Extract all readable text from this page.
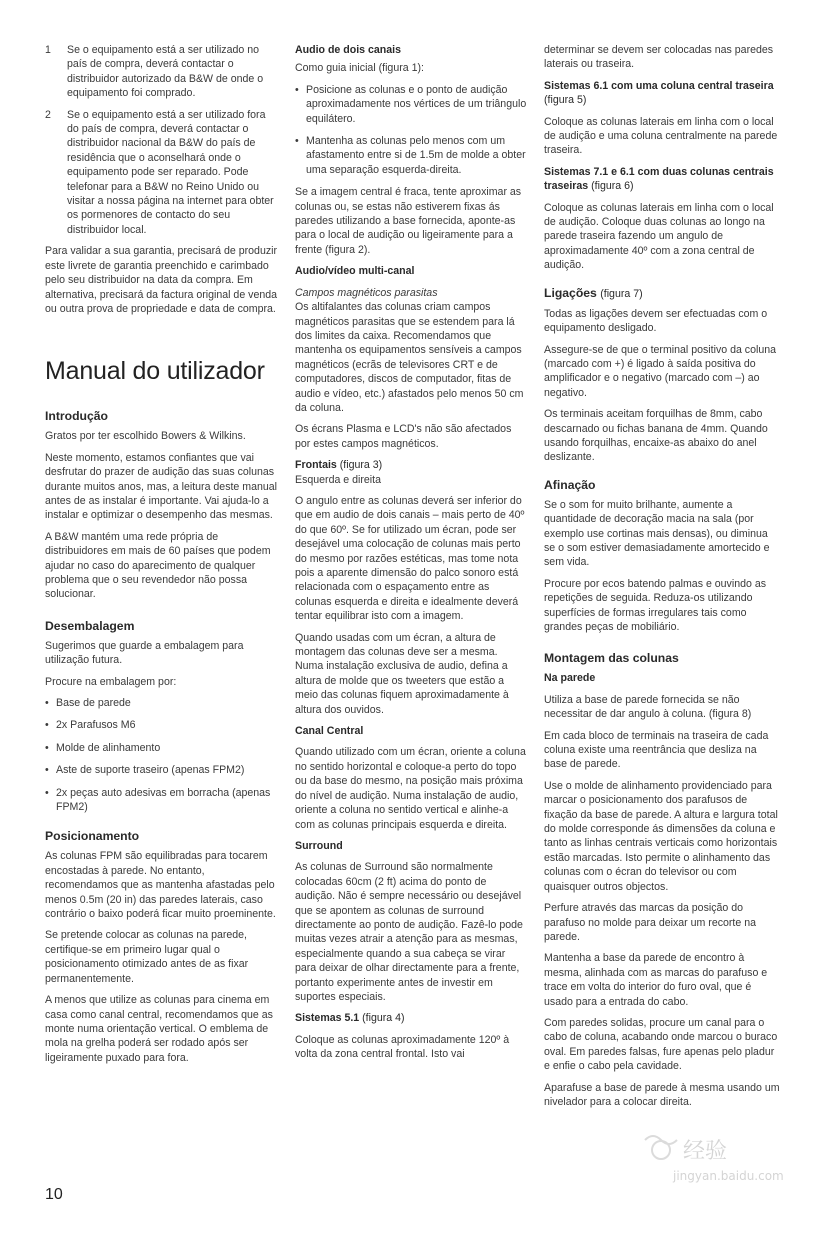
1	Se o equipamento está a ser utilizado no país de compra, deverá contactar o distribuidor autorizado da B&W de onde o equipamento foi comprado.
2	Se o equipamento está a ser utilizado fora do país de compra, deverá contactar o distribuidor nacional da B&W do país de residência que o aconselhará onde o equipamento pode ser reparado. Pode telefonar para a B&W no Reino Unido ou visitar a nossa página na internet para obter os pormenores de contacto do seu distribuidor local.

Para validar a sua garantia, precisará de produzir este livrete de garantia preenchido e carimbado pelo seu distribuidor na data da compra. Em alternativa, precisará da factura original de venda ou outra prova de propriedade e data de compra.

Manual do utilizador
Introdução

Gratos por ter escolhido Bowers & Wilkins.

Neste momento, estamos confiantes que vai desfrutar do prazer de audição das suas colunas durante muitos anos, mas, a leitura deste manual antes de as instalar é importante. Vai ajuda-lo a instalar e optimizar o desempenho das mesmas.

A B&W mantém uma rede própria de distribuidores em mais de 60 países que podem ajudar no caso do aparecimento de qualquer problema que o seu revendedor não possa solucionar.

Desembalagem

Sugerimos que guarde a embalagem para utilização futura.

Procure na embalagem por:

• Base de parede
• 2x Parafusos M6
• Molde de alinhamento
• Aste de suporte traseiro (apenas FPM2)
• 2x peças auto adesivas em borracha (apenas FPM2)
Posicionamento

As colunas FPM são equilibradas para tocarem encostadas à parede. No entanto, recomendamos que as mantenha afastadas pelo menos 0.5m (20 in) das paredes laterais, caso contrário o baixo poderá ficar muito proeminente.

Se pretende colocar as colunas na parede, certifique-se em primeiro lugar qual o posicionamento otimizado antes de as fixar permanentemente.

A menos que utilize as colunas para cinema em casa como canal central, recomendamos que as monte numa orientação vertical. O emblema de mola na grelha poderá ser rodado após ser ligeiramente puxado para fora.

Audio de dois canais

Como guia inicial (figura 1):

• Posicione as colunas e o ponto de audição aproximadamente nos vértices de um triângulo equilátero.
• Mantenha as colunas pelo menos com um afastamento entre si de 1.5m de molde a obter uma separação esquerda-direita.

Se a imagem central é fraca, tente aproximar as colunas ou, se estas não estiverem fixas ás paredes utilizando a base fornecida, aponte-as para o local de audição ou ligeiramente para a frente (figura 2).

Audio/vídeo multi-canal
Campos magnéticos parasitas

Os altifalantes das colunas criam campos magnéticos parasitas que se estendem para lá dos limites da caixa. Recomendamos que mantenha os equipamentos sensíveis a campos magnéticos (ecrãs de televisores CRT e de computadores, discos de computador, fitas de audio e vídeo, etc.) afastados pelo menos 50 cm da coluna.

Os écrans Plasma e LCD's não são afectados por estes campos magnéticos.

Frontais (figura 3)
Esquerda e direita

O angulo entre as colunas deverá ser inferior do que em audio de dois canais – mais perto de 40º do que 60º. Se for utilizado um écran, pode ser desejável uma colocação de colunas mais perto do mesmo por razões estéticas, mas tome nota pois a aparente dimensão do palco sonoro está relacionada com o espaçamento entre as colunas esquerda e direita e idealmente deverá tentar equilibrar isto com a imagem.

Quando usadas com um écran, a altura de montagem das colunas deve ser a mesma. Numa instalação exclusiva de audio, defina a altura de molde que os tweeters que estão a meio das colunas fiquem aproximadamente à altura dos ouvidos.

Canal Central

Quando utilizado com um écran, oriente a coluna no sentido horizontal e coloque-a perto do topo ou da base do mesmo, na posição mais próxima do nível de audição. Numa instalação de audio, oriente a coluna no sentido vertical e alinhe-a com as colunas principais esquerda e direita.

Surround

As colunas de Surround são normalmente colocadas 60cm (2 ft) acima do ponto de audição. Não é sempre necessário ou desejável que se apontem as colunas de surround directamente ao ponto de audição. Fazê-lo pode muitas vezes atrair a atenção para as mesmas, especialmente quando a sua cabeça se virar para deixar de olhar directamente para a frente, portanto experimente antes de investir em suportes especiais.

Sistemas 5.1 (figura 4)

Coloque as colunas aproximadamente 120º à volta da zona central frontal. Isto vai

determinar se devem ser colocadas nas paredes laterais ou traseira.

Sistemas 6.1 com uma coluna central traseira (figura 5)

Coloque as colunas laterais em linha com o local de audição e uma coluna centralmente na parede traseira.

Sistemas 7.1 e 6.1 com duas colunas centrais traseiras (figura 6)

Coloque as colunas laterais em linha com o local de audição. Coloque duas colunas ao longo na parede traseira fazendo um angulo de aproximadamente 40º com a zona central de audição.

Ligações (figura 7)

Todas as ligações devem ser efectuadas com o equipamento desligado.

Assegure-se de que o terminal positivo da coluna (marcado com +) é ligado à saída positiva do amplificador e o negativo (marcado com –) ao negativo.

Os terminais aceitam forquilhas de 8mm, cabo descarnado ou fichas banana de 4mm. Quando usando forquilhas, encaixe-as abaixo do anel deslizante.

Afinação

Se o som for muito brilhante, aumente a quantidade de decoração macia na sala (por exemplo use cortinas mais densas), ou diminua se o som estiver demasiadamente amortecido e sem vida.

Procure por ecos batendo palmas e ouvindo as repetições de seguida. Reduza-os utilizando superfícies de formas irregulares tais como grandes peças de mobiliário.

Montagem das colunas
Na parede

Utiliza a base de parede fornecida se não necessitar de dar angulo à coluna. (figura 8)

Em cada bloco de terminais na traseira de cada coluna existe uma reentrância que desliza na base de parede.

Use o molde de alinhamento providenciado para marcar o posicionamento dos parafusos de fixação da base de parede. A altura e largura total do molde corresponde ás dimensões da coluna e tanto as linhas centrais verticais como horizontais estão marcadas. Isto permite o alinhamento das colunas com o écran do televisor ou com quaisquer outros objectos.

Perfure através das marcas da posição do parafuso no molde para deixar um recorte na parede.

Mantenha a base da parede de encontro à mesma, alinhada com as marcas do parafuso e trace em volta do interior do furo oval, que é usado para a entrada do cabo.

Com paredes solidas, procure um canal para o cabo de coluna, acabando onde marcou o buraco oval. Em paredes falsas, fure apenas pelo pladur e enfie o cabo pela cavidade.

Aparafuse a base de parede à mesma usando um nivelador para a colocar direita.

经验
jingyan.baidu.com
10
